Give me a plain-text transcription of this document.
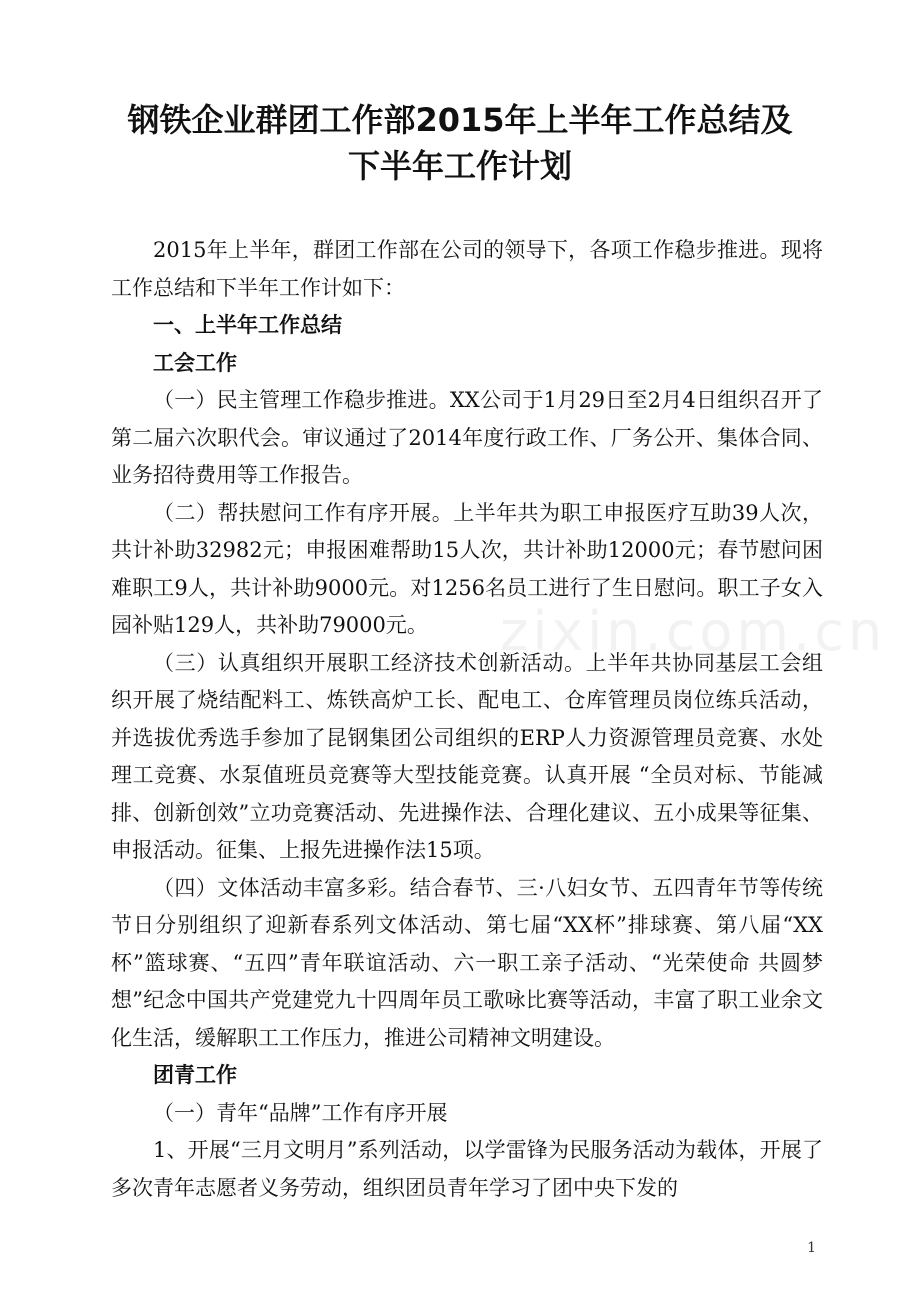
钢铁企业群团工作部2015年上半年工作总结及
下半年工作计划

2015年上半年，群团工作部在公司的领导下，各项工作稳步推进。现将工作总结和下半年工作计如下：

一、上半年工作总结

工会工作

（一）民主管理工作稳步推进。XX公司于1月29日至2月4日组织召开了第二届六次职代会。审议通过了2014年度行政工作、厂务公开、集体合同、业务招待费用等工作报告。

（二）帮扶慰问工作有序开展。上半年共为职工申报医疗互助39人次，共计补助32982元；申报困难帮助15人次，共计补助12000元；春节慰问困难职工9人，共计补助9000元。对1256名员工进行了生日慰问。职工子女入园补贴129人，共补助79000元。

（三）认真组织开展职工经济技术创新活动。上半年共协同基层工会组织开展了烧结配料工、炼铁高炉工长、配电工、仓库管理员岗位练兵活动，并选拔优秀选手参加了昆钢集团公司组织的ERP人力资源管理员竞赛、水处理工竞赛、水泵值班员竞赛等大型技能竞赛。认真开展 “全员对标、节能减排、创新创效”立功竞赛活动、先进操作法、合理化建议、五小成果等征集、申报活动。征集、上报先进操作法15项。

（四）文体活动丰富多彩。结合春节、三·八妇女节、五四青年节等传统节日分别组织了迎新春系列文体活动、第七届“XX杯”排球赛、第八届“XX杯”篮球赛、“五四”青年联谊活动、六一职工亲子活动、“光荣使命 共圆梦想”纪念中国共产党建党九十四周年员工歌咏比赛等活动，丰富了职工业余文化生活，缓解职工工作压力，推进公司精神文明建设。

团青工作

（一）青年“品牌”工作有序开展

1、开展“三月文明月”系列活动，以学雷锋为民服务活动为载体，开展了多次青年志愿者义务劳动，组织团员青年学习了团中央下发的

zixin.com.cn
1
